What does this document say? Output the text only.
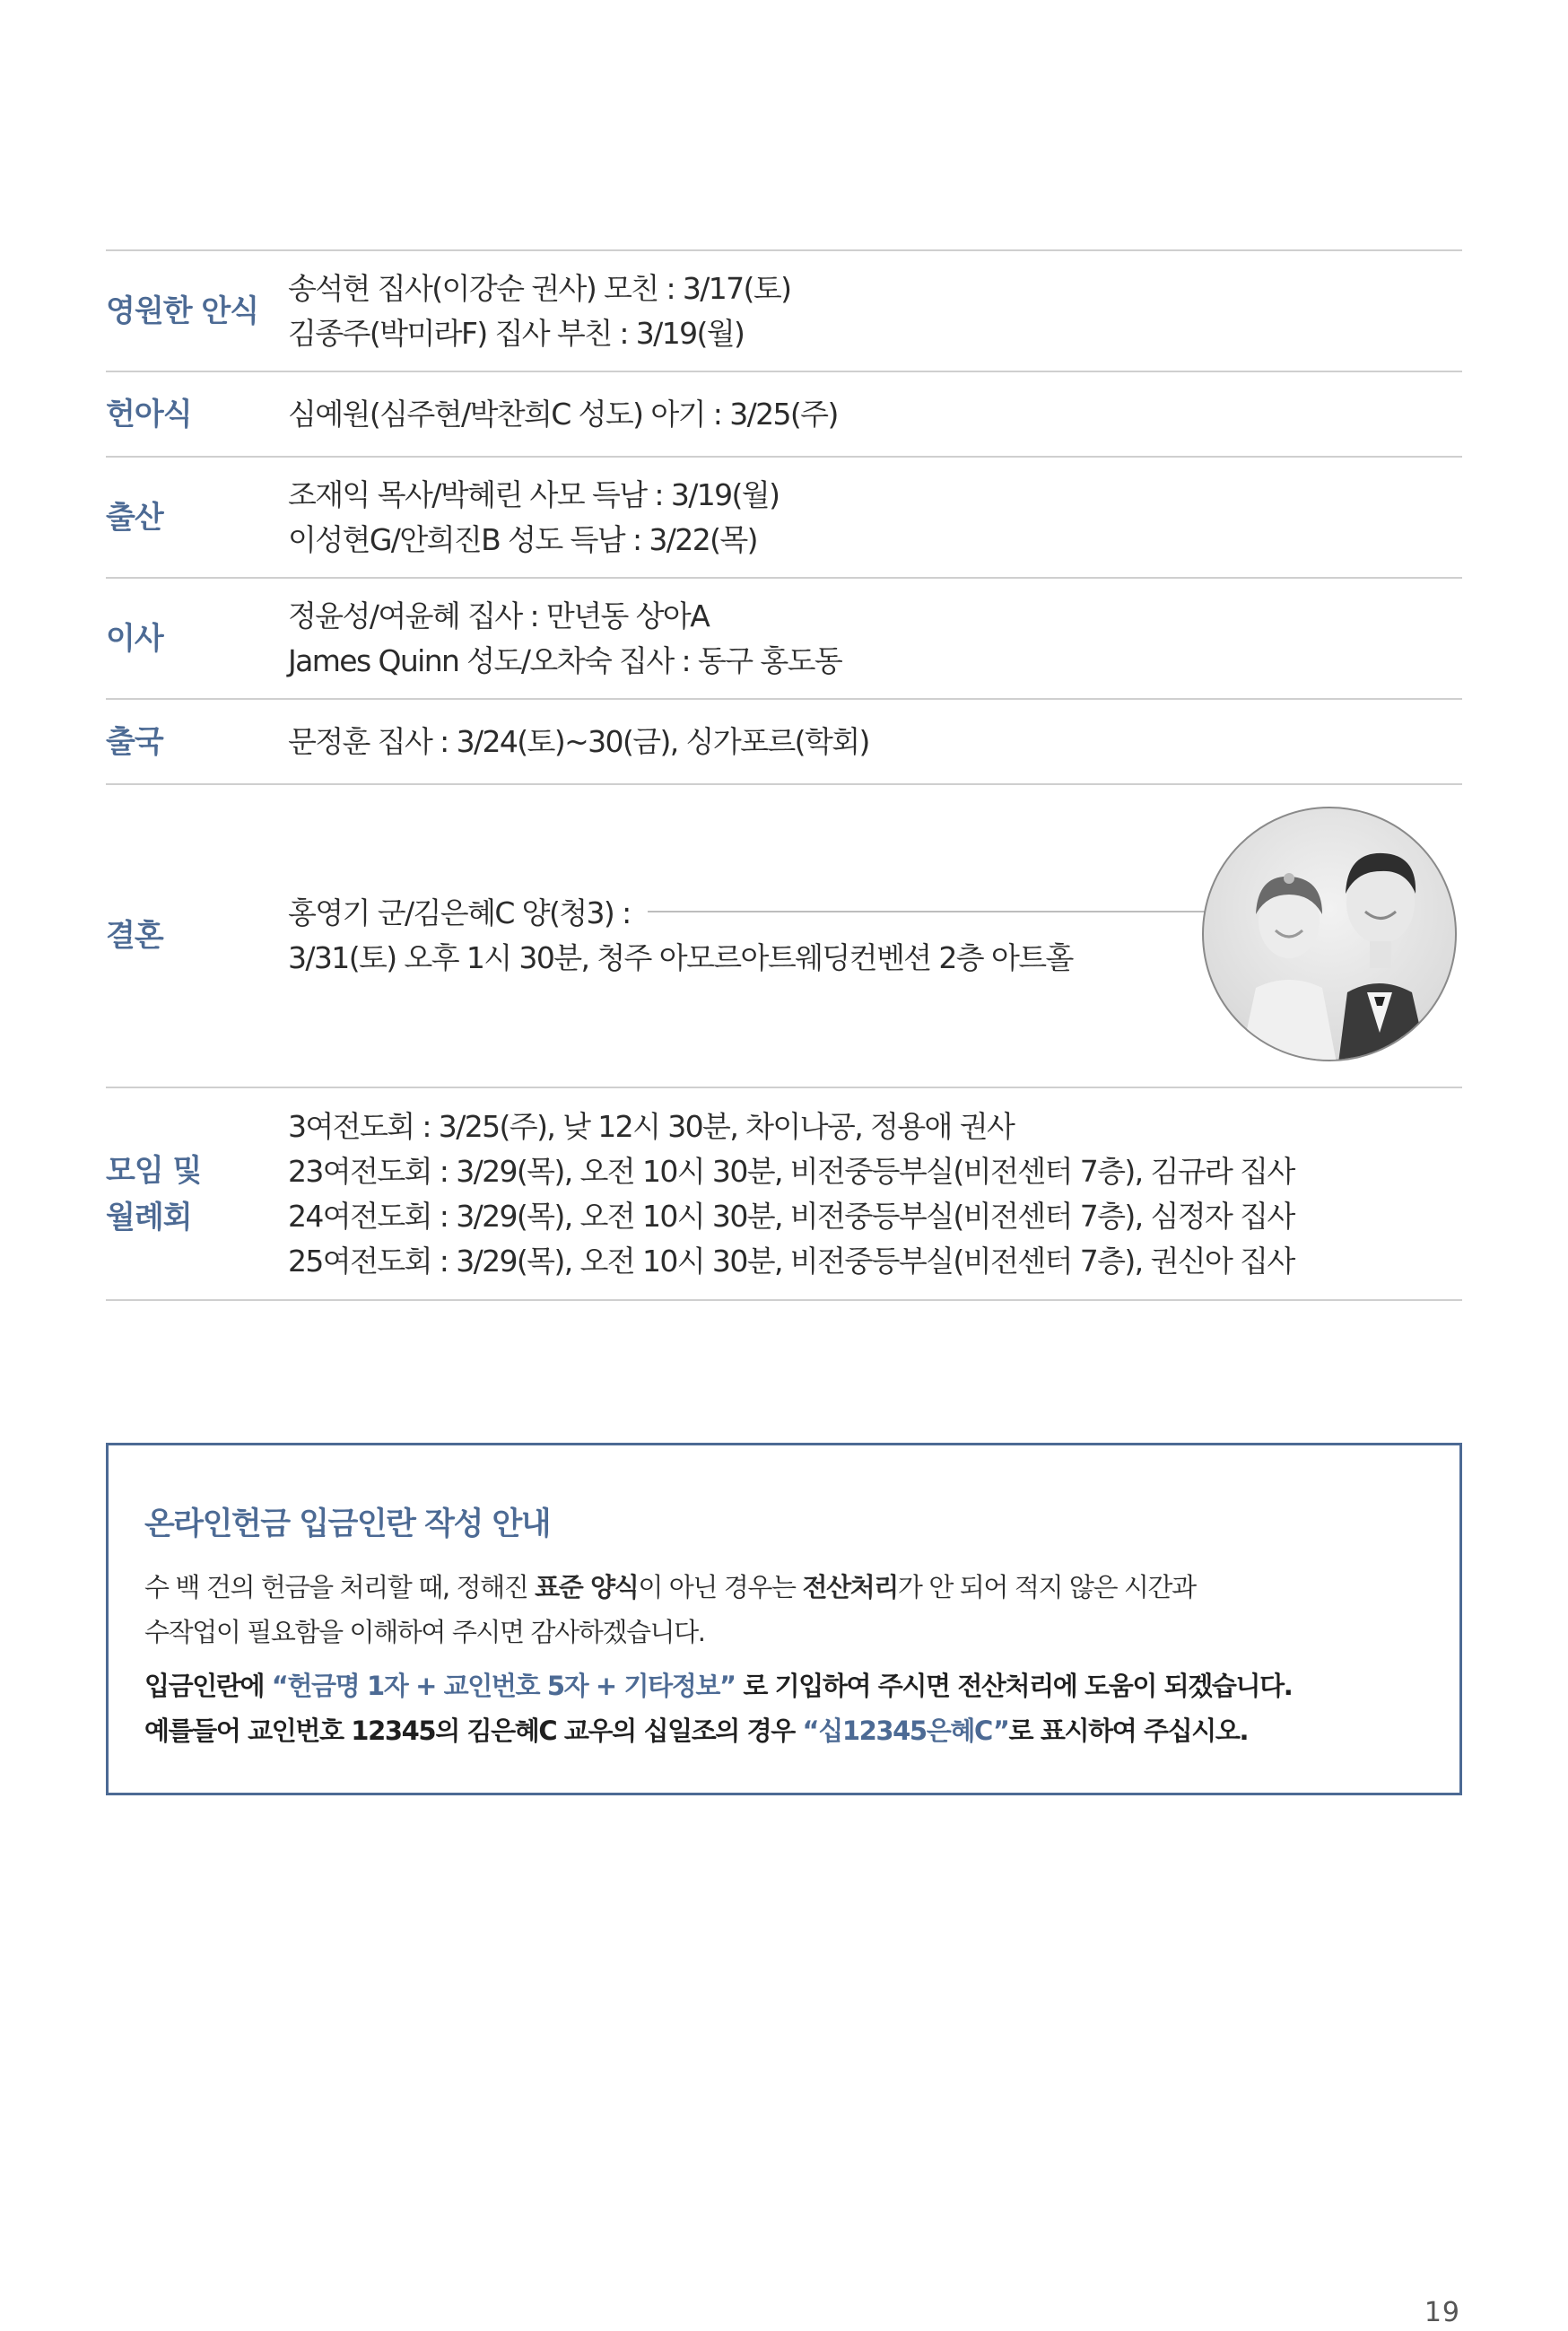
영원한 안식
송석현 집사(이강순 권사) 모친 : 3/17(토)
김종주(박미라F) 집사 부친 : 3/19(월)
헌아식	심예원(심주현/박찬희C 성도) 아기 : 3/25(주)
출산
조재익 목사/박혜린 사모 득남 : 3/19(월)
이성현G/안희진B 성도 득남 : 3/22(목)
이사
정윤성/여윤혜 집사 : 만년동 상아A
James Quinn 성도/오차숙 집사 : 동구 홍도동
출국	문정훈 집사 : 3/24(토)~30(금), 싱가포르(학회)
결혼
홍영기 군/김은혜C 양(청3) :
3/31(토) 오후 1시 30분, 청주 아모르아트웨딩컨벤션 2층 아트홀
모임 및
월례회
3여전도회 : 3/25(주), 낮 12시 30분, 차이나공, 정용애 권사
23여전도회 : 3/29(목), 오전 10시 30분, 비전중등부실(비전센터 7층), 김규라 집사
24여전도회 : 3/29(목), 오전 10시 30분, 비전중등부실(비전센터 7층), 심정자 집사
25여전도회 : 3/29(목), 오전 10시 30분, 비전중등부실(비전센터 7층), 권신아 집사
온라인헌금 입금인란 작성 안내
수 백 건의 헌금을 처리할 때, 정해진 표준 양식이 아닌 경우는 전산처리가 안 되어 적지 않은 시간과
수작업이 필요함을 이해하여 주시면 감사하겠습니다.
입금인란에 “헌금명 1자 + 교인번호 5자 + 기타정보” 로 기입하여 주시면 전산처리에 도움이 되겠습니다.
예를들어 교인번호 12345의 김은혜C 교우의 십일조의 경우 “십12345은혜C”로 표시하여 주십시오.
19
